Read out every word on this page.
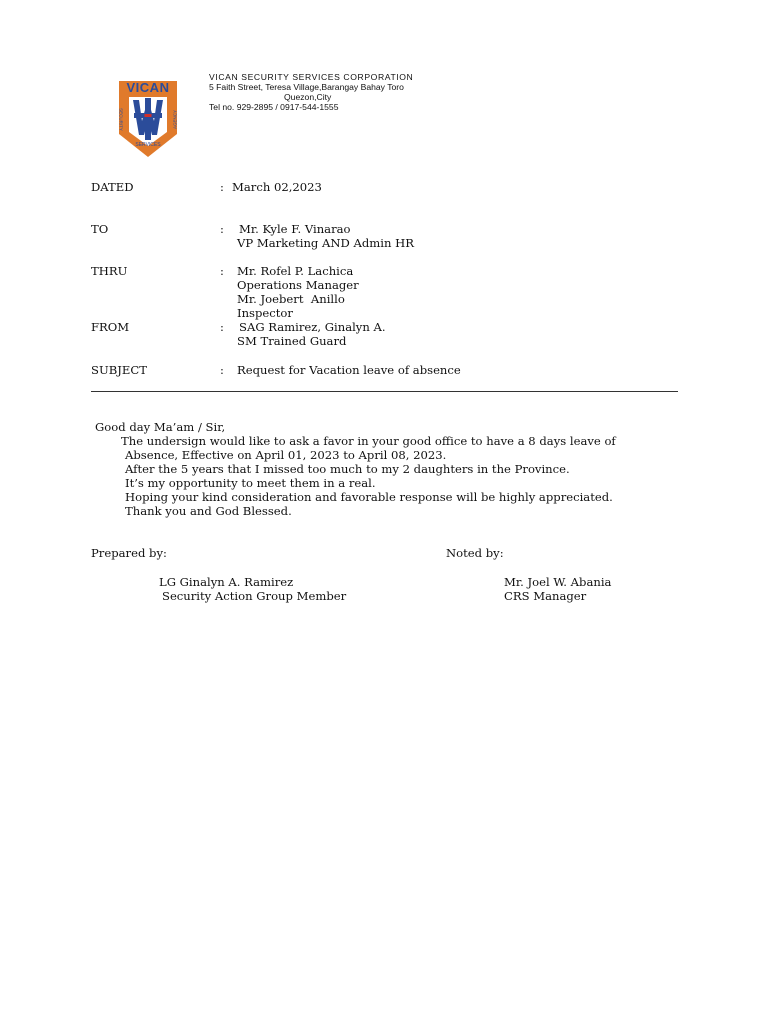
VICAN
SERVICES
SECURITY	AGENCY
VICAN SECURITY SERVICES CORPORATION
5 Faith Street, Teresa Village,Barangay Bahay Toro
Quezon,City
Tel no. 929-2895 / 0917-544-1555
DATED	: March 02,2023
TO	: Mr. Kyle F. Vinarao
VP Marketing AND Admin HR
THRU	: Mr. Rofel P. Lachica
Operations Manager
Mr. Joebert  Anillo
Inspector
FROM	: SAG Ramirez, Ginalyn A.
SM Trained Guard
SUBJECT	: Request for Vacation leave of absence
Good day Ma’am / Sir,
The undersign would like to ask a favor in your good office to have a 8 days leave of
Absence, Effective on April 01, 2023 to April 08, 2023.
After the 5 years that I missed too much to my 2 daughters in the Province.
It’s my opportunity to meet them in a real.
Hoping your kind consideration and favorable response will be highly appreciated.
Thank you and God Blessed.
Prepared by:	Noted by:
LG Ginalyn A. Ramirez
Security Action Group Member
Mr. Joel W. Abania
CRS Manager
